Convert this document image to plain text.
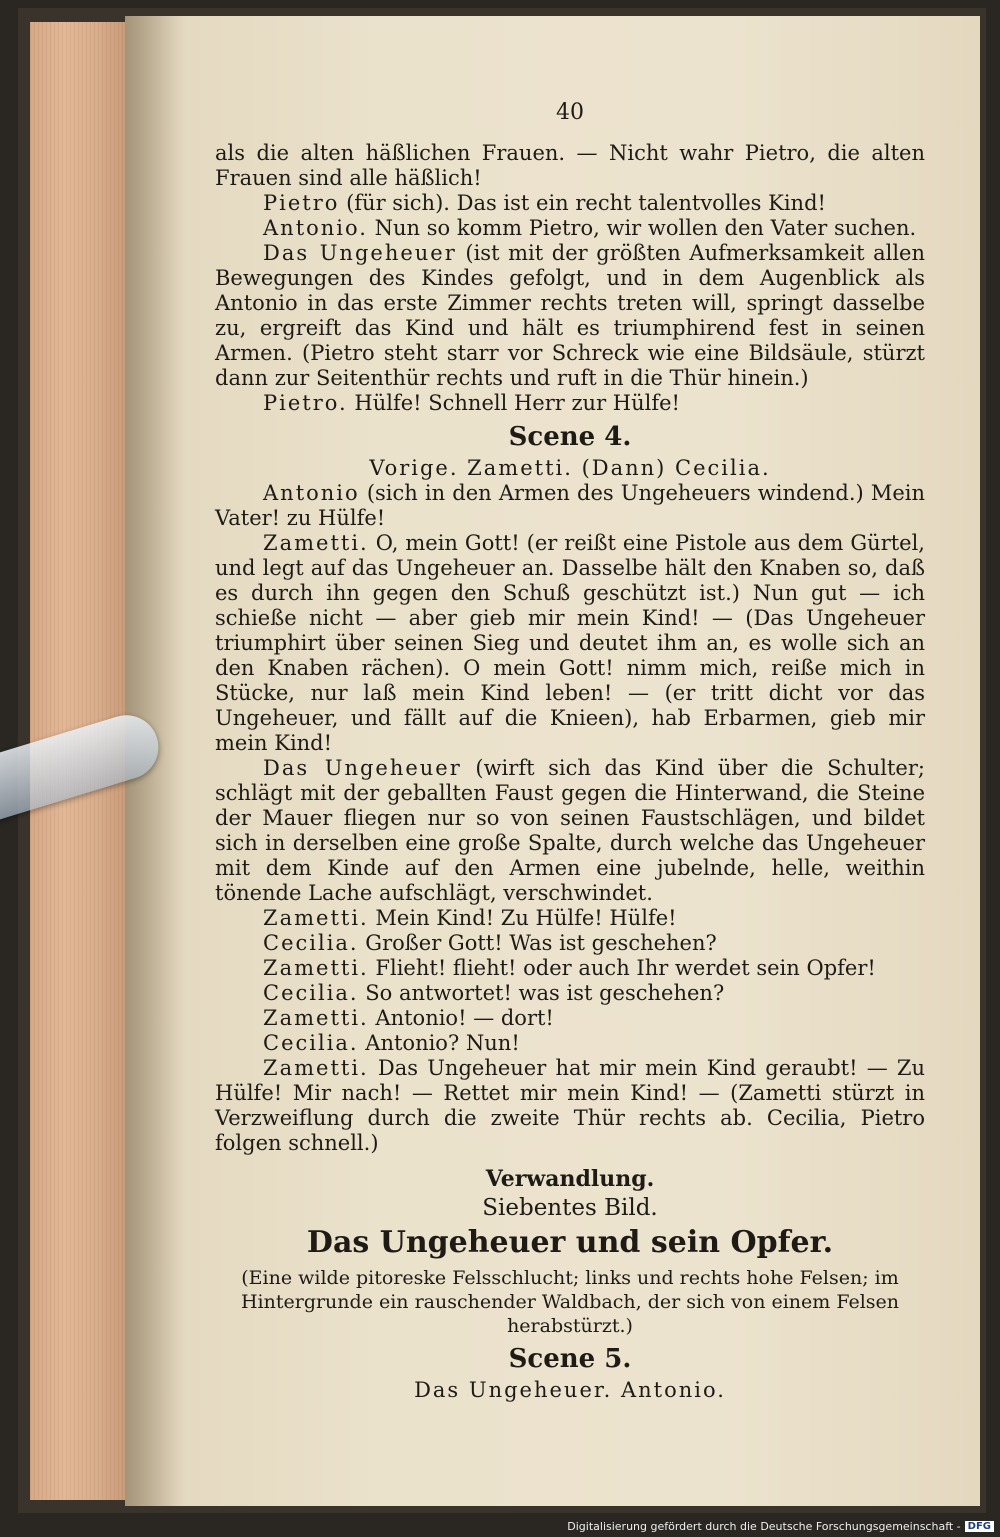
40

als die alten häßlichen Frauen. — Nicht wahr Pietro, die alten Frauen sind alle häßlich!

Pietro (für sich). Das ist ein recht talentvolles Kind!

Antonio. Nun so komm Pietro, wir wollen den Vater suchen.

Das Ungeheuer (ist mit der größten Aufmerksamkeit allen Bewegungen des Kindes gefolgt, und in dem Augenblick als Antonio in das erste Zimmer rechts treten will, springt dasselbe zu, ergreift das Kind und hält es triumphirend fest in seinen Armen. (Pietro steht starr vor Schreck wie eine Bildsäule, stürzt dann zur Seitenthür rechts und ruft in die Thür hinein.)

Pietro. Hülfe! Schnell Herr zur Hülfe!

Scene 4.
Vorige. Zametti. (Dann) Cecilia.

Antonio (sich in den Armen des Ungeheuers windend.) Mein Vater! zu Hülfe!

Zametti. O, mein Gott! (er reißt eine Pistole aus dem Gürtel, und legt auf das Ungeheuer an. Dasselbe hält den Knaben so, daß es durch ihn gegen den Schuß geschützt ist.) Nun gut — ich schieße nicht — aber gieb mir mein Kind! — (Das Ungeheuer triumphirt über seinen Sieg und deutet ihm an, es wolle sich an den Knaben rächen). O mein Gott! nimm mich, reiße mich in Stücke, nur laß mein Kind leben! — (er tritt dicht vor das Ungeheuer, und fällt auf die Knieen), hab Erbarmen, gieb mir mein Kind!

Das Ungeheuer (wirft sich das Kind über die Schulter; schlägt mit der geballten Faust gegen die Hinterwand, die Steine der Mauer fliegen nur so von seinen Faustschlägen, und bildet sich in derselben eine große Spalte, durch welche das Ungeheuer mit dem Kinde auf den Armen eine jubelnde, helle, weithin tönende Lache aufschlägt, verschwindet.

Zametti. Mein Kind! Zu Hülfe! Hülfe!

Cecilia. Großer Gott! Was ist geschehen?

Zametti. Flieht! flieht! oder auch Ihr werdet sein Opfer!

Cecilia. So antwortet! was ist geschehen?

Zametti. Antonio! — dort!

Cecilia. Antonio? Nun!

Zametti. Das Ungeheuer hat mir mein Kind geraubt! — Zu Hülfe! Mir nach! — Rettet mir mein Kind! — (Zametti stürzt in Verzweiflung durch die zweite Thür rechts ab. Cecilia, Pietro folgen schnell.)

Verwandlung.
Siebentes Bild.
Das Ungeheuer und sein Opfer.

(Eine wilde pitoreske Felsschlucht; links und rechts hohe Felsen; im Hintergrunde ein rauschender Waldbach, der sich von einem Felsen herabstürzt.)

Scene 5.
Das Ungeheuer. Antonio.
Digitalisierung gefördert durch die Deutsche Forschungsgemeinschaft - DFG
